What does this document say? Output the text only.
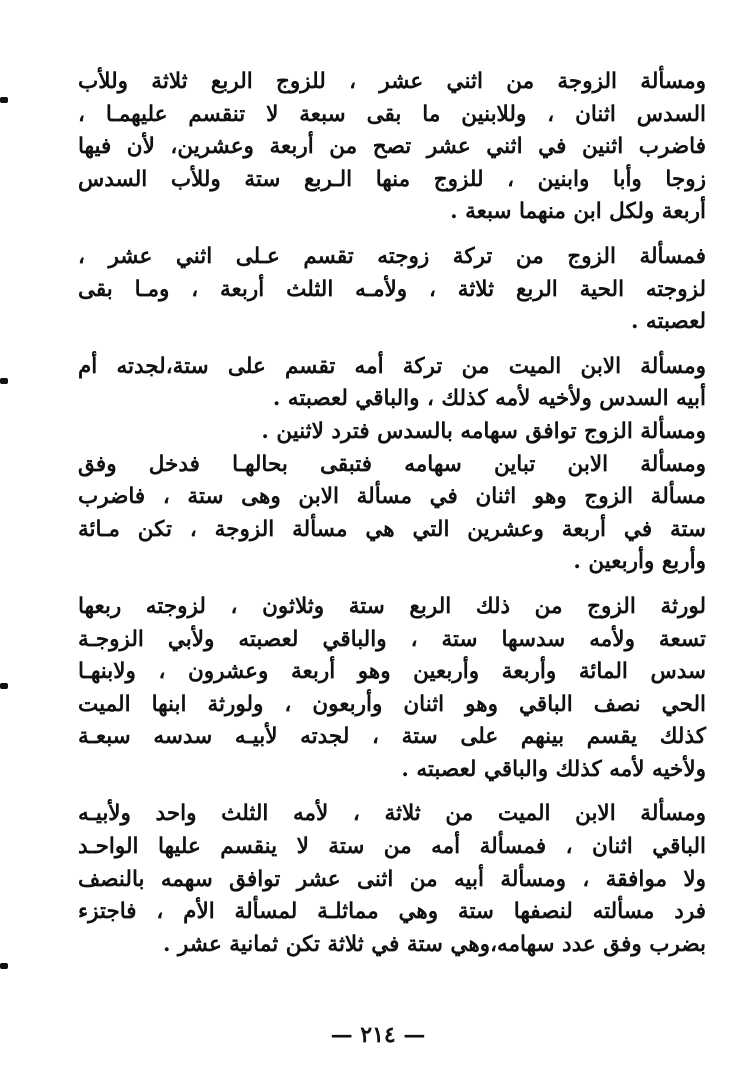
ومسألة الزوجة من اثني عشر ، للزوج الربع ثلاثة وللأب
السدس اثنان ، وللابنين ما بقى سبعة لا تنقسم عليهمـا ،
فاضرب اثنين في اثني عشر تصح من أربعة وعشرين، لأن فيها
زوجا وأبا وابنين ، للزوج منها الـربع ستة وللأب السدس
أربعة ولكل ابن منهما سبعة .

فمسألة الزوج من تركة زوجته تقسم عـلى اثني عشر ،
لزوجته الحية الربع ثلاثة ، ولأمـه الثلث أربعة ، ومـا بقى
لعصبته .

ومسألة الابن الميت من تركة أمه تقسم على ستة،لجدته أم
أبيه السدس ولأخيه لأمه كذلك ، والباقي لعصبته .

ومسألة الزوج توافق سهامه بالسدس فترد لاثنين .

ومسألة الابن تباين سهامه فتبقى بحالهـا فدخل وفق
مسألة الزوج وهو اثنان في مسألة الابن وهى ستة ، فاضرب
ستة في أربعة وعشرين التي هي مسألة الزوجة ، تكن مـائة
وأربع وأربعين .

لورثة الزوج من ذلك الربع ستة وثلاثون ، لزوجته ربعها
تسعة ولأمه سدسها ستة ، والباقي لعصبته ولأبي الزوجـة
سدس المائة وأربعة وأربعين وهو أربعة وعشرون ، ولابنهـا
الحي نصف الباقي وهو اثنان وأربعون ، ولورثة ابنها الميت
كذلك يقسم بينهم على ستة ، لجدته لأبيـه سدسه سبعـة
ولأخيه لأمه كذلك والباقي لعصبته .

ومسألة الابن الميت من ثلاثة ، لأمه الثلث واحد ولأبيـه
الباقي اثنان ، فمسألة أمه من ستة لا ينقسم عليها الواحـد
ولا موافقة ، ومسألة أبيه من اثنى عشر توافق سهمه بالنصف
فرد مسألته لنصفها ستة وهي مماثلـة لمسألة الأم ، فاجتزء
بضرب وفق عدد سهامه،وهي ستة في ثلاثة تكن ثمانية عشر .

— ٢١٤ —
